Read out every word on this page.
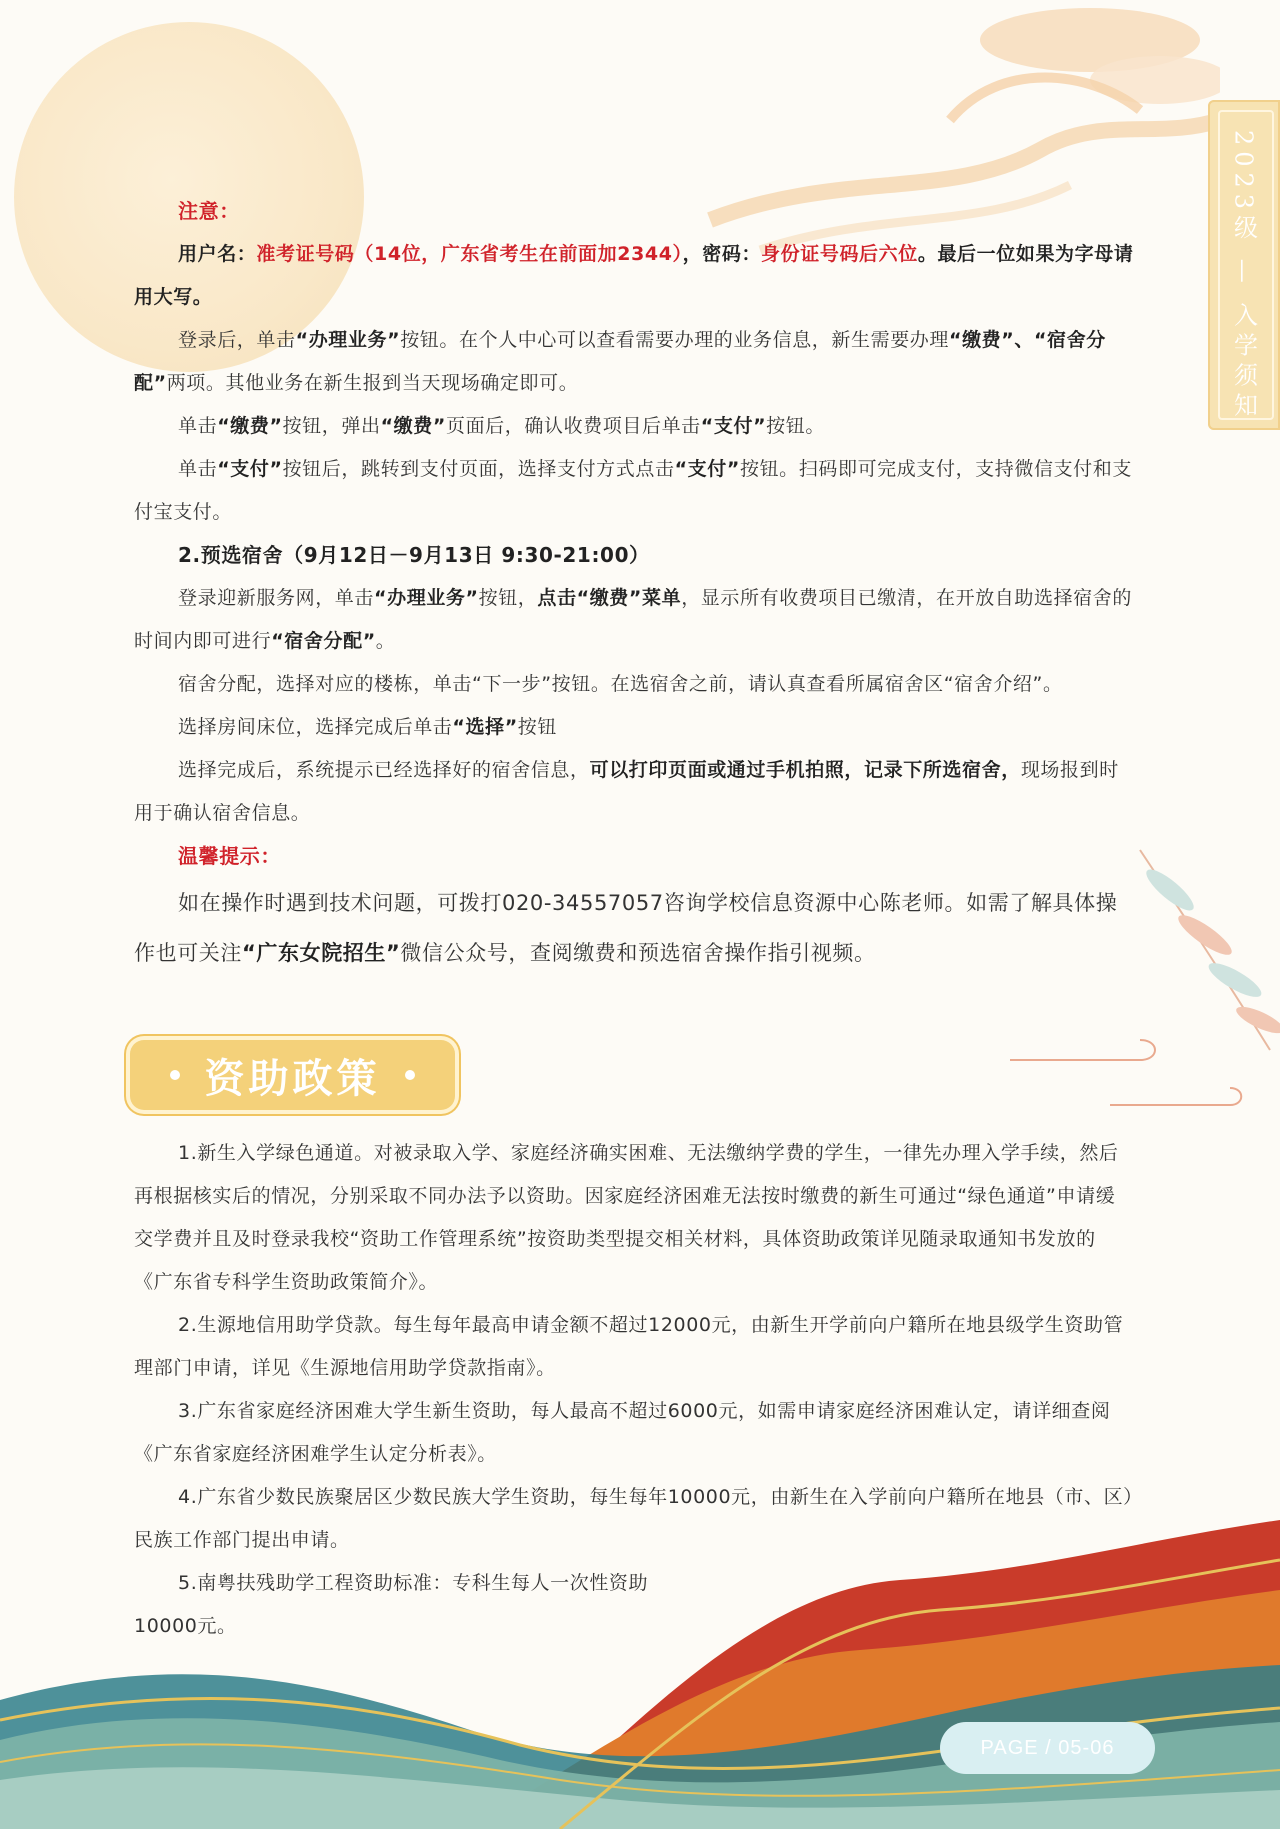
2023级 — 入学须知

注意：

用户名：准考证号码（14位，广东省考生在前面加2344），密码：身份证号码后六位。最后一位如果为字母请用大写。

登录后，单击“办理业务”按钮。在个人中心可以查看需要办理的业务信息，新生需要办理“缴费”、“宿舍分配”两项。其他业务在新生报到当天现场确定即可。

单击“缴费”按钮，弹出“缴费”页面后，确认收费项目后单击“支付”按钮。

单击“支付”按钮后，跳转到支付页面，选择支付方式点击“支付”按钮。扫码即可完成支付，支持微信支付和支付宝支付。

2.预选宿舍（9月12日－9月13日 9:30-21:00）

登录迎新服务网，单击“办理业务”按钮，点击“缴费”菜单，显示所有收费项目已缴清，在开放自助选择宿舍的时间内即可进行“宿舍分配”。

宿舍分配，选择对应的楼栋，单击“下一步”按钮。在选宿舍之前，请认真查看所属宿舍区“宿舍介绍”。

选择房间床位，选择完成后单击“选择”按钮

选择完成后，系统提示已经选择好的宿舍信息，可以打印页面或通过手机拍照，记录下所选宿舍，现场报到时用于确认宿舍信息。

温馨提示：

如在操作时遇到技术问题，可拨打020-34557057咨询学校信息资源中心陈老师。如需了解具体操作也可关注“广东女院招生”微信公众号，查阅缴费和预选宿舍操作指引视频。

资助政策

1.新生入学绿色通道。对被录取入学、家庭经济确实困难、无法缴纳学费的学生，一律先办理入学手续，然后再根据核实后的情况，分别采取不同办法予以资助。因家庭经济困难无法按时缴费的新生可通过“绿色通道”申请缓交学费并且及时登录我校“资助工作管理系统”按资助类型提交相关材料，具体资助政策详见随录取通知书发放的《广东省专科学生资助政策简介》。

2.生源地信用助学贷款。每生每年最高申请金额不超过12000元，由新生开学前向户籍所在地县级学生资助管理部门申请，详见《生源地信用助学贷款指南》。

3.广东省家庭经济困难大学生新生资助，每人最高不超过6000元，如需申请家庭经济困难认定，请详细查阅《广东省家庭经济困难学生认定分析表》。

4.广东省少数民族聚居区少数民族大学生资助，每生每年10000元，由新生在入学前向户籍所在地县（市、区）民族工作部门提出申请。

5.南粤扶残助学工程资助标准：专科生每人一次性资助10000元。

PAGE / 05-06
